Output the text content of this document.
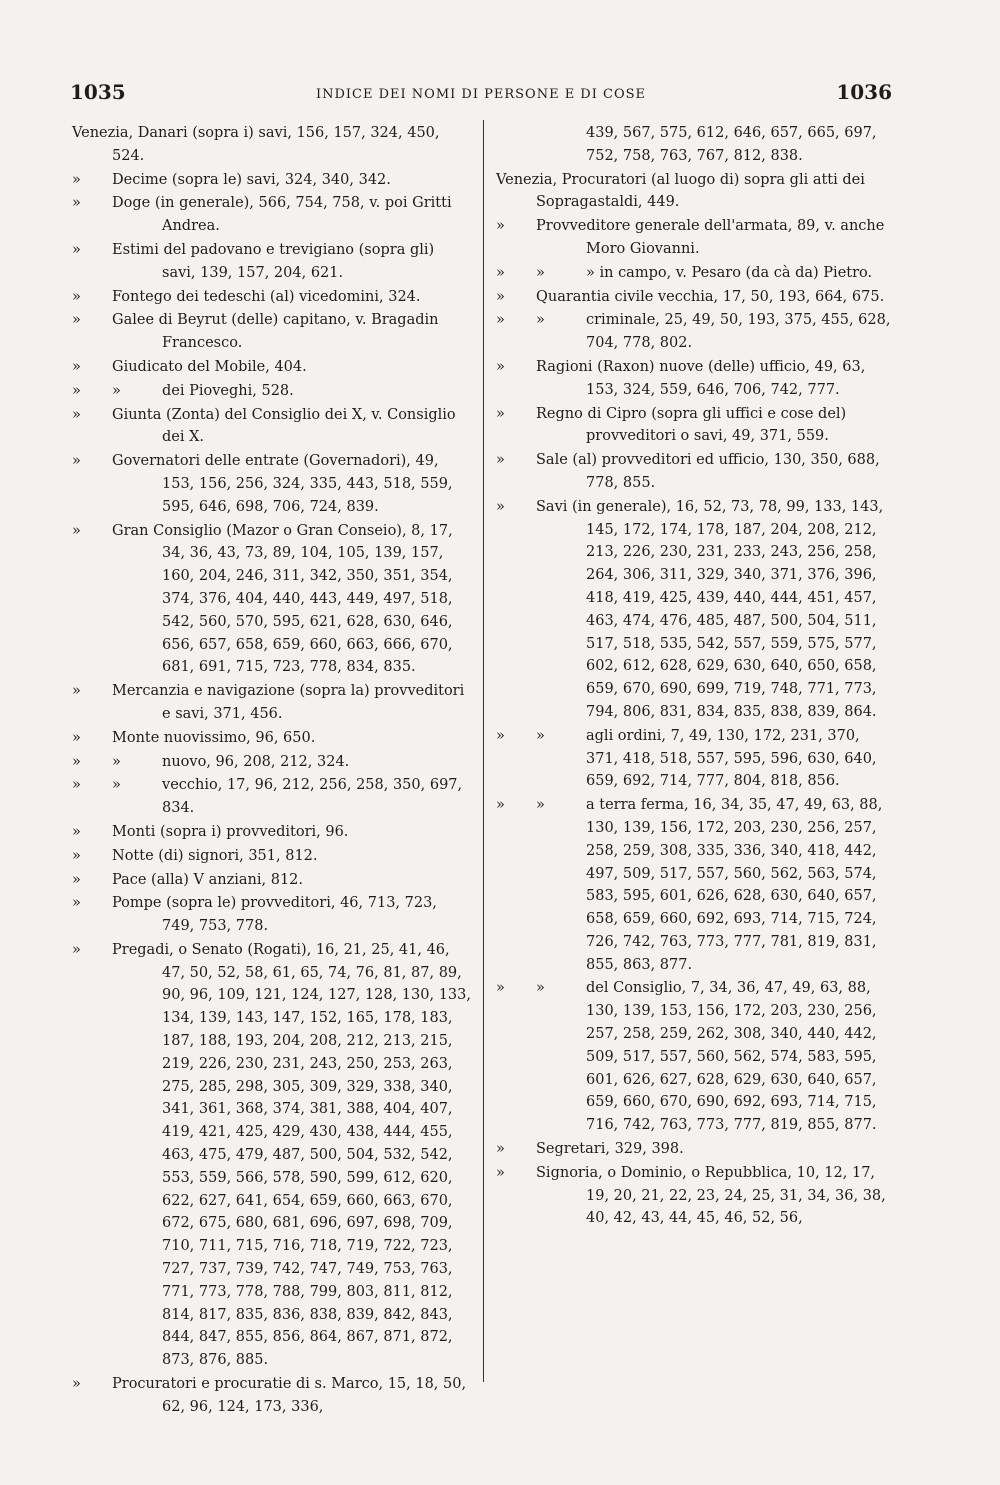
1035	INDICE DEI NOMI DI PERSONE E DI COSE	1036
Venezia, Danari (sopra i) savi, 156, 157, 324, 450, 524.
» Decime (sopra le) savi, 324, 340, 342.
» Doge (in generale), 566, 754, 758, v. poi Gritti Andrea.
» Estimi del padovano e trevigiano (sopra gli) savi, 139, 157, 204, 621.
» Fontego dei tedeschi (al) vicedomini, 324.
» Galee di Beyrut (delle) capitano, v. Bragadin Francesco.
» Giudicato del Mobile, 404.
» »	dei Pioveghi, 528.
» Giunta (Zonta) del Consiglio dei X, v. Consiglio dei X.
» Governatori delle entrate (Governadori), 49, 153, 156, 256, 324, 335, 443, 518, 559, 595, 646, 698, 706, 724, 839.
» Gran Consiglio (Mazor o Gran Conseio), 8, 17, 34, 36, 43, 73, 89, 104, 105, 139, 157, 160, 204, 246, 311, 342, 350, 351, 354, 374, 376, 404, 440, 443, 449, 497, 518, 542, 560, 570, 595, 621, 628, 630, 646, 656, 657, 658, 659, 660, 663, 666, 670, 681, 691, 715, 723, 778, 834, 835.
» Mercanzia e navigazione (sopra la) provveditori e savi, 371, 456.
» Monte nuovissimo, 96, 650.
» »	nuovo, 96, 208, 212, 324.
» »	vecchio, 17, 96, 212, 256, 258, 350, 697, 834.
» Monti (sopra i) provveditori, 96.
» Notte (di) signori, 351, 812.
» Pace (alla) V anziani, 812.
» Pompe (sopra le) provveditori, 46, 713, 723, 749, 753, 778.
» Pregadi, o Senato (Rogati), 16, 21, 25, 41, 46, 47, 50, 52, 58, 61, 65, 74, 76, 81, 87, 89, 90, 96, 109, 121, 124, 127, 128, 130, 133, 134, 139, 143, 147, 152, 165, 178, 183, 187, 188, 193, 204, 208, 212, 213, 215, 219, 226, 230, 231, 243, 250, 253, 263, 275, 285, 298, 305, 309, 329, 338, 340, 341, 361, 368, 374, 381, 388, 404, 407, 419, 421, 425, 429, 430, 438, 444, 455, 463, 475, 479, 487, 500, 504, 532, 542, 553, 559, 566, 578, 590, 599, 612, 620, 622, 627, 641, 654, 659, 660, 663, 670, 672, 675, 680, 681, 696, 697, 698, 709, 710, 711, 715, 716, 718, 719, 722, 723, 727, 737, 739, 742, 747, 749, 753, 763, 771, 773, 778, 788, 799, 803, 811, 812, 814, 817, 835, 836, 838, 839, 842, 843, 844, 847, 855, 856, 864, 867, 871, 872, 873, 876, 885.
» Procuratori e procuratie di s. Marco, 15, 18, 50, 62, 96, 124, 173, 336,
439, 567, 575, 612, 646, 657, 665, 697, 752, 758, 763, 767, 812, 838.
Venezia, Procuratori (al luogo di) sopra gli atti dei Sopragastaldi, 449.
» Provveditore generale dell'armata, 89, v. anche Moro Giovanni.
» »	» in campo, v. Pesaro (da cà da) Pietro.
» Quarantia civile vecchia, 17, 50, 193, 664, 675.
» »	criminale, 25, 49, 50, 193, 375, 455, 628, 704, 778, 802.
» Ragioni (Raxon) nuove (delle) ufficio, 49, 63, 153, 324, 559, 646, 706, 742, 777.
» Regno di Cipro (sopra gli uffici e cose del) provveditori o savi, 49, 371, 559.
» Sale (al) provveditori ed ufficio, 130, 350, 688, 778, 855.
» Savi (in generale), 16, 52, 73, 78, 99, 133, 143, 145, 172, 174, 178, 187, 204, 208, 212, 213, 226, 230, 231, 233, 243, 256, 258, 264, 306, 311, 329, 340, 371, 376, 396, 418, 419, 425, 439, 440, 444, 451, 457, 463, 474, 476, 485, 487, 500, 504, 511, 517, 518, 535, 542, 557, 559, 575, 577, 602, 612, 628, 629, 630, 640, 650, 658, 659, 670, 690, 699, 719, 748, 771, 773, 794, 806, 831, 834, 835, 838, 839, 864.
» »	agli ordini, 7, 49, 130, 172, 231, 370, 371, 418, 518, 557, 595, 596, 630, 640, 659, 692, 714, 777, 804, 818, 856.
» »	a terra ferma, 16, 34, 35, 47, 49, 63, 88, 130, 139, 156, 172, 203, 230, 256, 257, 258, 259, 308, 335, 336, 340, 418, 442, 497, 509, 517, 557, 560, 562, 563, 574, 583, 595, 601, 626, 628, 630, 640, 657, 658, 659, 660, 692, 693, 714, 715, 724, 726, 742, 763, 773, 777, 781, 819, 831, 855, 863, 877.
» »	del Consiglio, 7, 34, 36, 47, 49, 63, 88, 130, 139, 153, 156, 172, 203, 230, 256, 257, 258, 259, 262, 308, 340, 440, 442, 509, 517, 557, 560, 562, 574, 583, 595, 601, 626, 627, 628, 629, 630, 640, 657, 659, 660, 670, 690, 692, 693, 714, 715, 716, 742, 763, 773, 777, 819, 855, 877.
» Segretari, 329, 398.
» Signoria, o Dominio, o Repubblica, 10, 12, 17, 19, 20, 21, 22, 23, 24, 25, 31, 34, 36, 38, 40, 42, 43, 44, 45, 46, 52, 56,
